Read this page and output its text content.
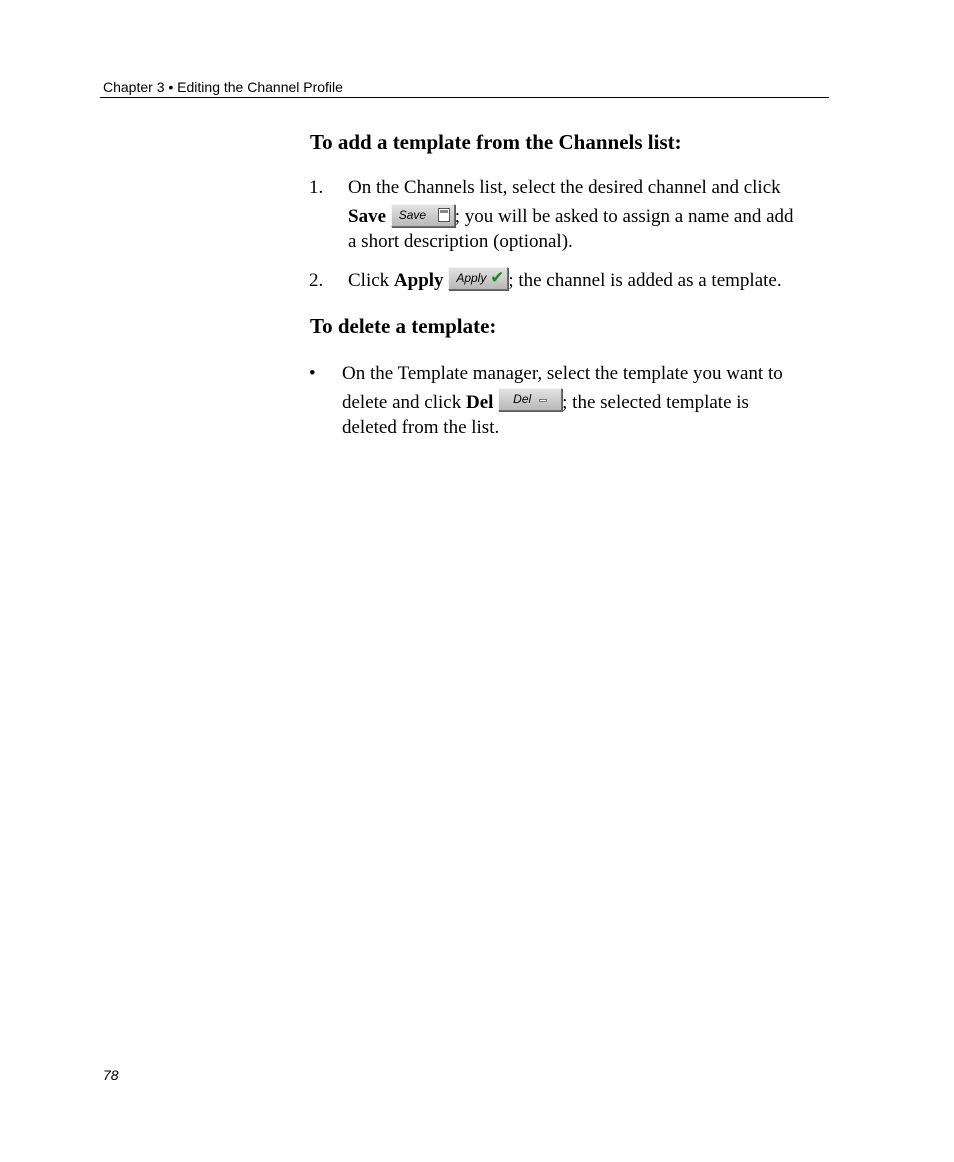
Chapter 3 • Editing the Channel Profile
To add a template from the Channels list:
1. On the Channels list, select the desired channel and click
Save Save ; you will be asked to assign a name and add
a short description (optional).
2. Click Apply Apply ✔ ; the channel is added as a template.
To delete a template:
• On the Template manager, select the template you want to
delete and click Del Del ; the selected template is
deleted from the list.
78
